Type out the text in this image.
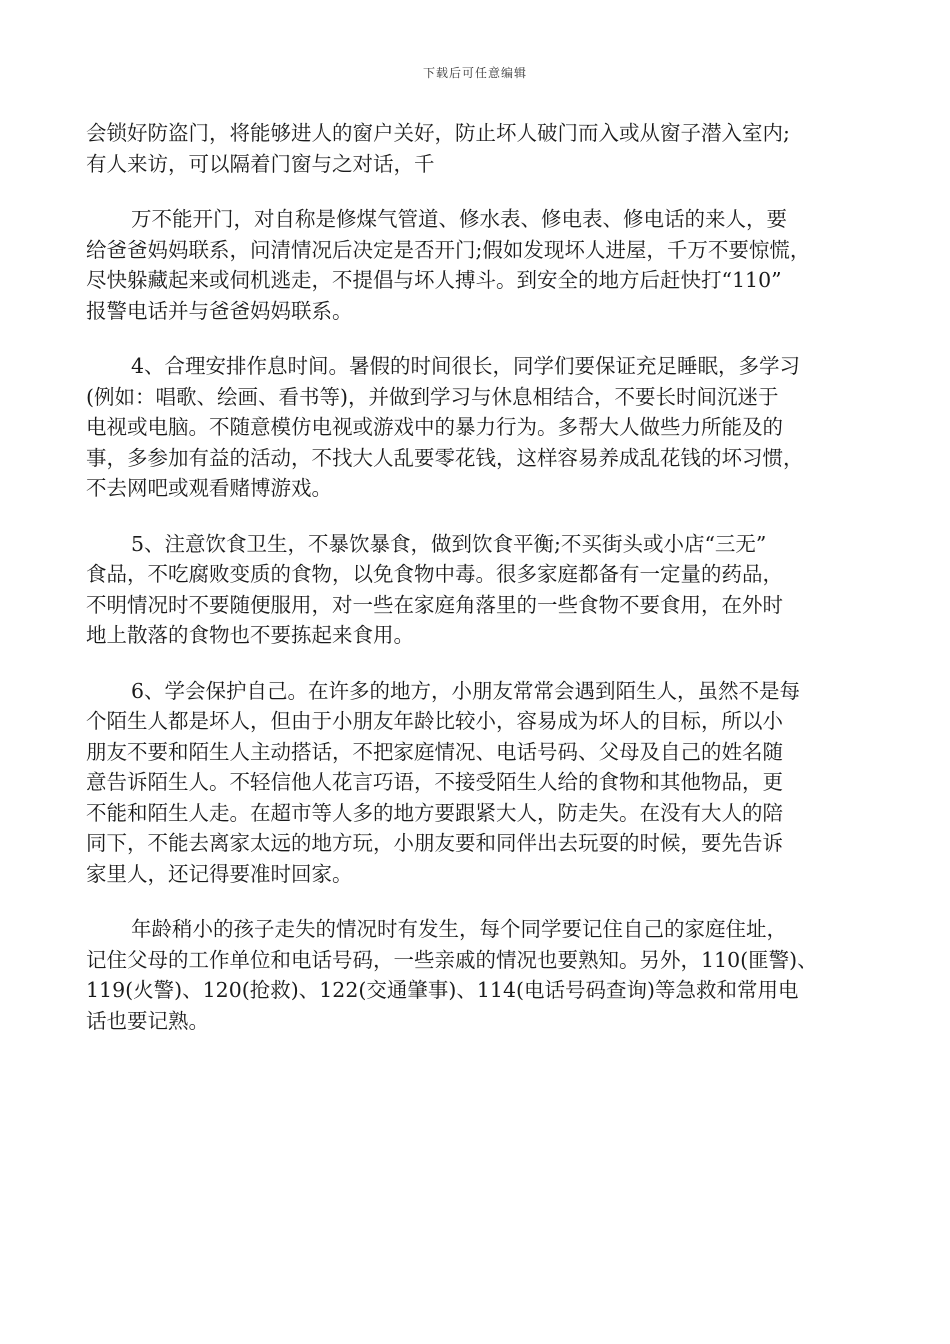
下载后可任意编辑

会锁好防盗门，将能够进人的窗户关好，防止坏人破门而入或从窗子潜入室内;
有人来访，可以隔着门窗与之对话，千

万不能开门，对自称是修煤气管道、修水表、修电表、修电话的来人，要
给爸爸妈妈联系，问清情况后决定是否开门;假如发现坏人进屋，千万不要惊慌，
尽快躲藏起来或伺机逃走，不提倡与坏人搏斗。到安全的地方后赶快打“110”
报警电话并与爸爸妈妈联系。

4、合理安排作息时间。暑假的时间很长，同学们要保证充足睡眠，多学习
(例如：唱歌、绘画、看书等)，并做到学习与休息相结合，不要长时间沉迷于
电视或电脑。不随意模仿电视或游戏中的暴力行为。多帮大人做些力所能及的
事，多参加有益的活动，不找大人乱要零花钱，这样容易养成乱花钱的坏习惯，
不去网吧或观看赌博游戏。

5、注意饮食卫生，不暴饮暴食，做到饮食平衡;不买街头或小店“三无”
食品，不吃腐败变质的食物，以免食物中毒。很多家庭都备有一定量的药品，
不明情况时不要随便服用，对一些在家庭角落里的一些食物不要食用，在外时
地上散落的食物也不要拣起来食用。

6、学会保护自己。在许多的地方，小朋友常常会遇到陌生人，虽然不是每
个陌生人都是坏人，但由于小朋友年龄比较小，容易成为坏人的目标，所以小
朋友不要和陌生人主动搭话，不把家庭情况、电话号码、父母及自己的姓名随
意告诉陌生人。不轻信他人花言巧语，不接受陌生人给的食物和其他物品，更
不能和陌生人走。在超市等人多的地方要跟紧大人，防走失。在没有大人的陪
同下，不能去离家太远的地方玩，小朋友要和同伴出去玩耍的时候，要先告诉
家里人，还记得要准时回家。

年龄稍小的孩子走失的情况时有发生，每个同学要记住自己的家庭住址，
记住父母的工作单位和电话号码，一些亲戚的情况也要熟知。另外，110(匪警)、
119(火警)、120(抢救)、122(交通肇事)、114(电话号码查询)等急救和常用电
话也要记熟。
